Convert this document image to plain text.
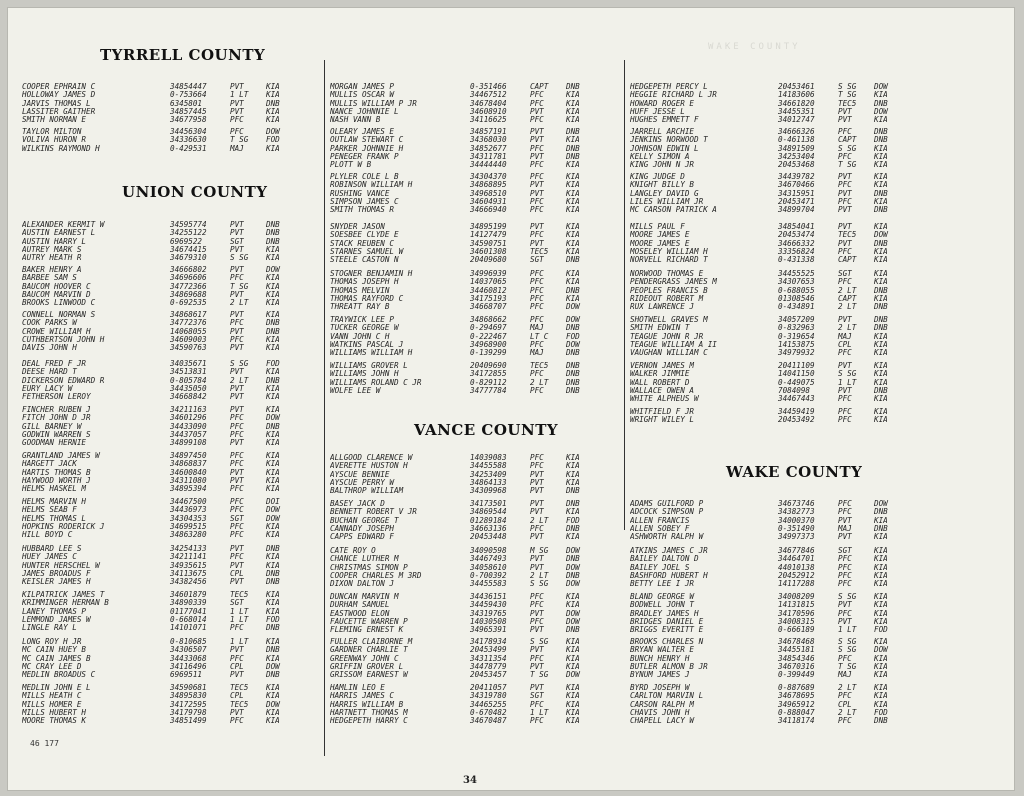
WAKE COUNTY
TYRRELL COUNTY
COOPER EPHRAIN C	34854447	PVT	KIA
HOLLOWAY JAMES D	0-753664	1 LT	KIA
JARVIS THOMAS L	6345801	PVT	DNB
LASSITER GAITHER	34857445	PVT	KIA
SMITH NORMAN E	34677958	PFC	KIA
TAYLOR MILTON	34456304	PFC	DOW
VOLIVA HURON R	34336630	T SG	FOD
WILKINS RAYMOND H	0-429531	MAJ	KIA
UNION COUNTY
ALEXANDER KERMIT W	34595774	PVT	DNB
AUSTIN EARNEST L	34255122	PVT	DNB
AUSTIN HARRY L	6969522	SGT	DNB
AUTREY MARK S	34674415	PVT	KIA
AUTRY HEATH R	34679310	S SG	KIA
BAKER HENRY A	34666802	PVT	DOW
BARBEE SAM S	34696606	PFC	KIA
BAUCOM HOOVER C	34772366	T SG	KIA
BAUCOM MARVIN D	34869688	PVT	KIA
BROOKS LINWOOD C	0-692535	2 LT	KIA
CONNELL NORMAN S	34868617	PVT	KIA
COOK PARKS W	34772376	PFC	DNB
CROWE WILLIAM H	14068055	PVT	DNB
CUTHBERTSON JOHN H	34609003	PFC	KIA
DAVIS JOHN H	34590763	PVT	KIA
DEAL FRED F JR	34035671	S SG	FOD
DEESE HARD T	34513831	PVT	KIA
DICKERSON EDWARD R	0-805784	2 LT	DNB
EURY LACY W	34435050	PVT	KIA
FETHERSON LEROY	34668842	PVT	KIA
FINCHER RUBEN J	34211163	PVT	KIA
FITCH JOHN D JR	34601296	PFC	DOW
GILL BARNEY W	34433090	PFC	DNB
GODWIN WARREN S	34437057	PFC	KIA
GOODMAN HERNIE	34899108	PVT	KIA
GRANTLAND JAMES W	34897450	PFC	KIA
HARGETT JACK	34868837	PFC	KIA
HARTIS THOMAS B	34600840	PVT	KIA
HAYWOOD WORTH J	34311080	PVT	KIA
HELMS HASKEL M	34895394	PFC	KIA
HELMS MARVIN H	34467500	PFC	DOI
HELMS SEAB F	34436973	PFC	DOW
HELMS THOMAS L	34304353	SGT	DOW
HOPKINS RODERICK J	34699515	PFC	KIA
HILL BOYD C	34863280	PFC	KIA
HUBBARD LEE S	34254133	PVT	DNB
HUEY JAMES C	34211141	PFC	KIA
HUNTER HERSCHEL W	34935615	PVT	KIA
JAMES BROADUS F	34113675	CPL	DNB
KEISLER JAMES H	34382456	PVT	DNB
KILPATRICK JAMES T	34601879	TEC5	KIA
KRIMMINGER HERMAN B	34890339	SGT	KIA
LANEY THOMAS P	01177041	1 LT	KIA
LEMMOND JAMES W	0-668014	1 LT	FOD
LINGLE RAY L	14101071	PFC	DNB
LONG ROY H JR	0-810685	1 LT	KIA
MC CAIN HUEY B	34306507	PVT	DNB
MC CAIN JAMES B	34433068	PFC	KIA
MC CRAY LEE D	34116496	CPL	DOW
MEDLIN BROADUS C	6969511	PVT	DNB
MEDLIN JOHN E L	34590681	TEC5	KIA
MILLS HEATH C	34895830	CPL	KIA
MILLS HOMER E	34172595	TEC5	DOW
MILLS HUBERT H	34179798	PVT	KIA
MOORE THOMAS K	34851499	PFC	KIA
MORGAN JAMES P	0-351466	CAPT	DNB
MULLIS OSCAR W	34467512	PFC	KIA
MULLIS WILLIAM P JR	34678404	PFC	KIA
NANCE JOHNNIE L	34608910	PVT	KIA
NASH VANN B	34116625	PFC	KIA
OLEARY JAMES E	34857191	PVT	DNB
OUTLAW STEWART C	34368030	PVT	KIA
PARKER JOHNNIE H	34852677	PFC	DNB
PENEGER FRANK P	34311781	PVT	DNB
PLOTT W B	34444440	PFC	KIA
PLYLER COLE L B	34304370	PFC	KIA
ROBINSON WILLIAM H	34868895	PVT	KIA
RUSHING VANCE	34968510	PVT	KIA
SIMPSON JAMES C	34604931	PFC	KIA
SMITH THOMAS R	34666940	PFC	KIA
SNYDER JASON	34895199	PVT	KIA
SOESBEE CLYDE E	14127479	PFC	KIA
STACK REUBEN C	34590751	PVT	KIA
STARNES SAMUEL W	34601308	TEC5	KIA
STEELE CASTON N	20409680	SGT	DNB
STOGNER BENJAMIN H	34996939	PFC	KIA
THOMAS JOSEPH H	14037065	PFC	KIA
THOMAS MELVIN	34460812	PFC	DNB
THOMAS RAYFORD C	34175193	PFC	KIA
THREATT RAY B	34668707	PFC	DOW
TRAYWICK LEE P	34868662	PFC	DOW
TUCKER GEORGE W	0-294697	MAJ	DNB
VANN JOHN C H	0-222467	LT C	FOD
WATKINS PASCAL J	34968900	PFC	DOW
WILLIAMS WILLIAM H	0-139299	MAJ	DNB
WILLIAMS GROVER L	20409690	TEC5	DNB
WILLIAMS JOHN H	34172855	PFC	DNB
WILLIAMS ROLAND C JR	0-829112	2 LT	DNB
WOLFE LEE W	34777784	PFC	DNB
VANCE COUNTY
ALLGOOD CLARENCE W	14039083	PFC	KIA
AVERETTE HUSTON H	34455588	PFC	KIA
AYSCUE BENNIE	34253409	PVT	KIA
AYSCUE PERRY W	34864133	PVT	KIA
BALTHROP WILLIAM	34309968	PVT	DNB
BASEY JACK D	34173501	PVT	DNB
BENNETT ROBERT V JR	34869544	PVT	KIA
BUCHAN GEORGE T	01289184	2 LT	FOD
CANNADY JOSEPH	34663136	PFC	DNB
CAPPS EDWARD F	20453448	PVT	KIA
CATE ROY O	34090598	M SG	DOW
CHANCE LUTHER M	34467493	PVT	DNB
CHRISTMAS SIMON P	34058610	PVT	DOW
COOPER CHARLES M 3RD	0-700392	2 LT	DNB
DIXON DALTON J	34455583	S SG	DOW
DUNCAN MARVIN M	34436151	PFC	KIA
DURHAM SAMUEL	34459430	PFC	KIA
EASTWOOD ELON	34319765	PVT	DOW
FAUCETTE WARREN P	14030508	PFC	DOW
FLEMING ERNEST K	34965391	PVT	DNB
FULLER CLAIBORNE M	34178934	S SG	KIA
GARDNER CHARLIE T	20453499	PVT	KIA
GREENWAY JOHN C	34311354	PFC	KIA
GRIFFIN GROVER L	34478779	PVT	KIA
GRISSOM EARNEST W	20453457	T SG	DOW
HAMLIN LEO E	20411057	PVT	KIA
HARRIS JAMES C	34319780	SGT	KIA
HARRIS WILLIAM B	34465255	PFC	KIA
HARTNETT THOMAS M	0-670482	1 LT	KIA
HEDGEPETH HARRY C	34670487	PFC	KIA
HEDGEPETH PERCY L	20453461	S SG	DOW
HEGGIE RICHARD L JR	14183606	T SG	KIA
HOWARD ROGER E	34661820	TEC5	DNB
HUFF JESSE L	34455351	PVT	DOW
HUGHES EMMETT F	34012747	PVT	KIA
JARRELL ARCHIE	34666326	PFC	DNB
JENKINS NORWOOD T	0-461138	CAPT	DNB
JOHNSON EDWIN L	34891509	S SG	KIA
KELLY SIMON A	34253404	PFC	KIA
KING JOHN N JR	20453468	T SG	KIA
KING JUDGE D	34439782	PVT	KIA
KNIGHT BILLY B	34670466	PFC	KIA
LANGLEY DAVID G	34315951	PVT	DNB
LILES WILLIAM JR	20453471	PFC	KIA
MC CARSON PATRICK A	34899704	PVT	DNB
MILLS PAUL F	34854041	PVT	KIA
MOORE JAMES E	20453474	TEC5	DOW
MOORE JAMES E	34666332	PVT	DNB
MOSELEY WILLIAM H	33356824	PFC	KIA
NORVELL RICHARD T	0-431338	CAPT	KIA
NORWOOD THOMAS E	34455525	SGT	KIA
PENDERGRASS JAMES M	34307653	PFC	KIA
PEOPLES FRANCIS B	0-688055	2 LT	DNB
RIDEOUT ROBERT M	01308546	CAPT	KIA
RUX LAWRENCE J	0-434891	2 LT	DNB
SHOTWELL GRAVES M	34057209	PVT	DNB
SMITH EDWIN T	0-832963	2 LT	DNB
TEAGUE JOHN R JR	0-319654	MAJ	KIA
TEAGUE WILLIAM A II	14153875	CPL	KIA
VAUGHAN WILLIAM C	34979932	PFC	KIA
VERNON JAMES M	20411109	PVT	KIA
WALKER JIMMIE	14041150	S SG	KIA
WALL ROBERT D	0-449075	1 LT	KIA
WALLACE OWEN A	7084098	PVT	DNB
WHITE ALPHEUS W	34467443	PFC	KIA
WHITFIELD F JR	34459419	PFC	KIA
WRIGHT WILEY L	20453492	PFC	KIA
WAKE COUNTY
ADAMS GUILFORD P	34673746	PFC	DOW
ADCOCK SIMPSON P	34382773	PFC	DNB
ALLEN FRANCIS	34000370	PVT	KIA
ALLEN SOBEY F	0-351490	MAJ	DNB
ASHWORTH RALPH W	34997373	PVT	KIA
ATKINS JAMES C JR	34677846	SGT	KIA
BAILEY DALTON D	34464701	PFC	KIA
BAILEY JOEL S	44010138	PFC	KIA
BASHFORD HUBERT H	20452912	PFC	KIA
BETTY LEE I JR	14117288	PFC	KIA
BLAND GEORGE W	34008209	S SG	KIA
BODWELL JOHN T	14131815	PVT	KIA
BRADLEY JAMES H	34170596	PFC	KIA
BRIDGES DANIEL E	34008315	PVT	KIA
BRIGGS EVERITT E	0-666189	1 LT	FOD
BROOKS CHARLES N	34678468	S SG	KIA
BRYAN WALTER E	34455181	S SG	DOW
BUNCH HENRY H	34854346	PFC	KIA
BUTLER ALMON B JR	34670316	T SG	KIA
BYNUM JAMES J	0-399449	MAJ	KIA
BYRD JOSEPH W	0-887689	2 LT	KIA
CARLTON MARVIN L	34678695	PFC	KIA
CARSON RALPH M	34965912	CPL	KIA
CHAVIS JOHN H	0-888047	2 LT	FOD
CHAPELL LACY W	34118174	PFC	DNB
46 177
34
